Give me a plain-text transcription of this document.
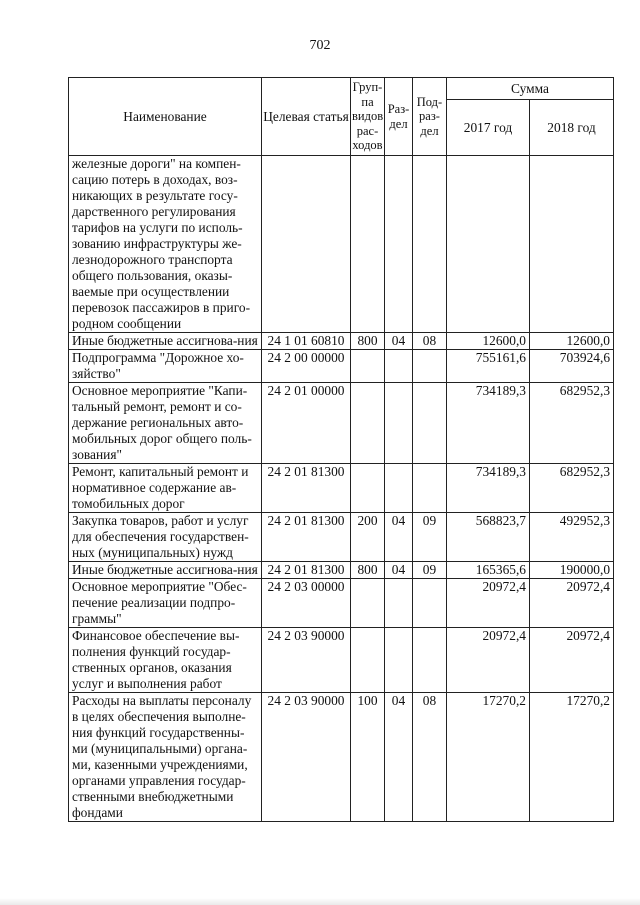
702
Наименование	Целевая статья	Груп-па видов рас-ходов	Раз-дел	Под-раз-дел	Сумма	
					2017 год	2018 год
железные дороги" на компен-сацию потерь в доходах, воз-никающих в результате госу-дарственного регулирования тарифов на услуги по исполь-зованию инфраструктуры же-лезнодорожного транспорта общего пользования, оказы-ваемые при осуществлении перевозок пассажиров в приго-родном сообщении						
Иные бюджетные ассигнова-ния	24 1 01 60810	800	04	08	12600,0	12600,0
Подпрограмма "Дорожное хо-зяйство"	24 2 00 00000				755161,6	703924,6
Основное мероприятие "Капи-тальный ремонт, ремонт и со-держание региональных авто-мобильных дорог общего поль-зования"	24 2 01 00000				734189,3	682952,3
Ремонт, капитальный ремонт и нормативное содержание ав-томобильных дорог	24 2 01 81300				734189,3	682952,3
Закупка товаров, работ и услуг для обеспечения государствен-ных (муниципальных) нужд	24 2 01 81300	200	04	09	568823,7	492952,3
Иные бюджетные ассигнова-ния	24 2 01 81300	800	04	09	165365,6	190000,0
Основное мероприятие "Обес-печение реализации подпро-граммы"	24 2 03 00000				20972,4	20972,4
Финансовое обеспечение вы-полнения функций государ-ственных органов, оказания услуг и выполнения работ	24 2 03 90000				20972,4	20972,4
Расходы на выплаты персоналу в целях обеспечения выполне-ния функций государственны-ми (муниципальными) органа-ми, казенными учреждениями, органами управления государ-ственными внебюджетными фондами	24 2 03 90000	100	04	08	17270,2	17270,2
